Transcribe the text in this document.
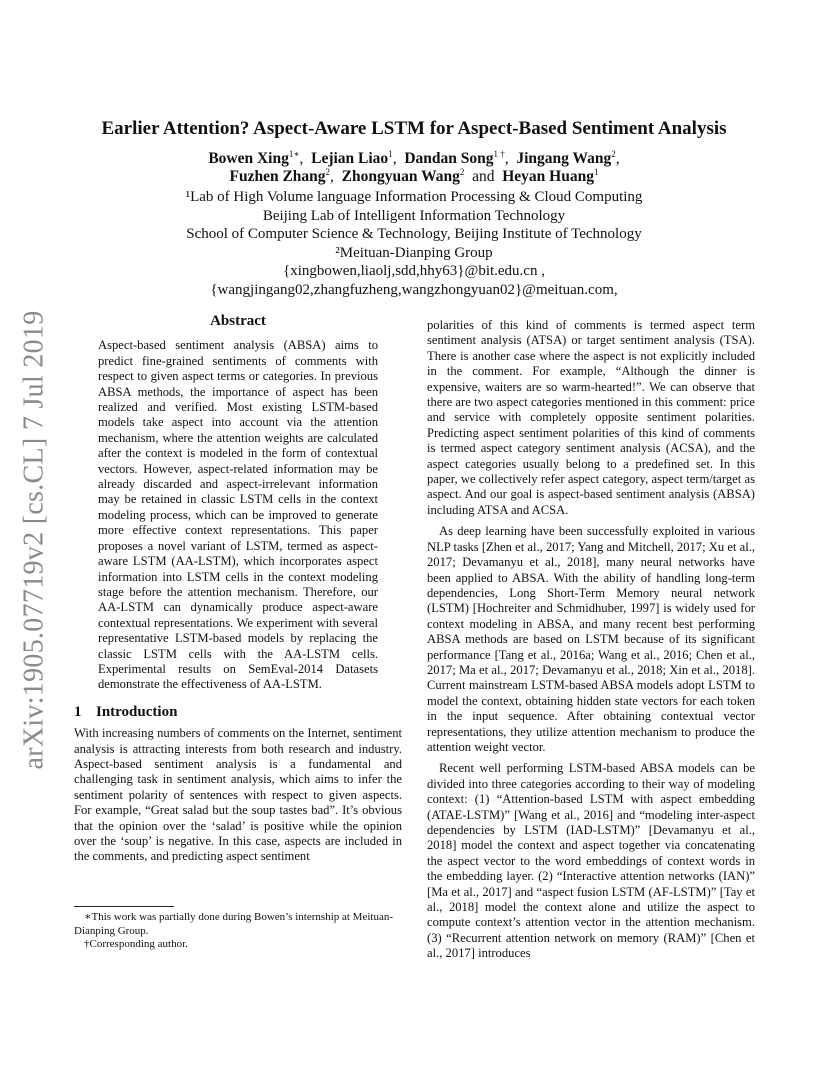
arXiv:1905.07719v2 [cs.CL] 7 Jul 2019
Earlier Attention? Aspect-Aware LSTM for Aspect-Based Sentiment Analysis
Bowen Xing$^{1∗}$,  Lejian Liao$^1$,  Dandan Song$^{1 \dagger}$,  Jingang Wang$^2$,
Fuzhen Zhang$^2$,  Zhongyuan Wang$^2$ and Heyan Huang$^1$
¹Lab of High Volume language Information Processing & Cloud Computing
Beijing Lab of Intelligent Information Technology
School of Computer Science & Technology, Beijing Institute of Technology
²Meituan-Dianping Group
{xingbowen,liaolj,sdd,hhy63}@bit.edu.cn ,
{wangjingang02,zhangfuzheng,wangzhongyuan02}@meituan.com,
Abstract

Aspect-based sentiment analysis (ABSA) aims to predict fine-grained sentiments of comments with respect to given aspect terms or categories. In previous ABSA methods, the importance of aspect has been realized and verified. Most existing LSTM-based models take aspect into account via the attention mechanism, where the attention weights are calculated after the context is modeled in the form of contextual vectors. However, aspect-related information may be already discarded and aspect-irrelevant information may be retained in classic LSTM cells in the context modeling process, which can be improved to generate more effective context representations. This paper proposes a novel variant of LSTM, termed as aspect-aware LSTM (AA-LSTM), which incorporates aspect information into LSTM cells in the context modeling stage before the attention mechanism. Therefore, our AA-LSTM can dynamically produce aspect-aware contextual representations. We experiment with several representative LSTM-based models by replacing the classic LSTM cells with the AA-LSTM cells. Experimental results on SemEval-2014 Datasets demonstrate the effectiveness of AA-LSTM.

1 Introduction

With increasing numbers of comments on the Internet, sentiment analysis is attracting interests from both research and industry. Aspect-based sentiment analysis is a fundamental and challenging task in sentiment analysis, which aims to infer the sentiment polarity of sentences with respect to given aspects. For example, “Great salad but the soup tastes bad”. It’s obvious that the opinion over the ‘salad’ is positive while the opinion over the ‘soup’ is negative. In this case, aspects are included in the comments, and predicting aspect sentiment

polarities of this kind of comments is termed aspect term sentiment analysis (ATSA) or target sentiment analysis (TSA). There is another case where the aspect is not explicitly included in the comment. For example, “Although the dinner is expensive, waiters are so warm-hearted!”. We can observe that there are two aspect categories mentioned in this comment: price and service with completely opposite sentiment polarities. Predicting aspect sentiment polarities of this kind of comments is termed aspect category sentiment analysis (ACSA), and the aspect categories usually belong to a predefined set. In this paper, we collectively refer aspect category, aspect term/target as aspect. And our goal is aspect-based sentiment analysis (ABSA) including ATSA and ACSA.

As deep learning have been successfully exploited in various NLP tasks [Zhen et al., 2017; Yang and Mitchell, 2017; Xu et al., 2017; Devamanyu et al., 2018], many neural networks have been applied to ABSA. With the ability of handling long-term dependencies, Long Short-Term Memory neural network (LSTM) [Hochreiter and Schmidhuber, 1997] is widely used for context modeling in ABSA, and many recent best performing ABSA methods are based on LSTM because of its significant performance [Tang et al., 2016a; Wang et al., 2016; Chen et al., 2017; Ma et al., 2017; Devamanyu et al., 2018; Xin et al., 2018]. Current mainstream LSTM-based ABSA models adopt LSTM to model the context, obtaining hidden state vectors for each token in the input sequence. After obtaining contextual vector representations, they utilize attention mechanism to produce the attention weight vector.

Recent well performing LSTM-based ABSA models can be divided into three categories according to their way of modeling context: (1) “Attention-based LSTM with aspect embedding (ATAE-LSTM)” [Wang et al., 2016] and “modeling inter-aspect dependencies by LSTM (IAD-LSTM)” [Devamanyu et al., 2018] model the context and aspect together via concatenating the aspect vector to the word embeddings of context words in the embedding layer. (2) “Interactive attention networks (IAN)” [Ma et al., 2017] and “aspect fusion LSTM (AF-LSTM)” [Tay et al., 2018] model the context alone and utilize the aspect to compute context’s attention vector in the attention mechanism. (3) “Recurrent attention network on memory (RAM)” [Chen et al., 2017] introduces

∗This work was partially done during Bowen’s internship at Meituan-Dianping Group.
†Corresponding author.
